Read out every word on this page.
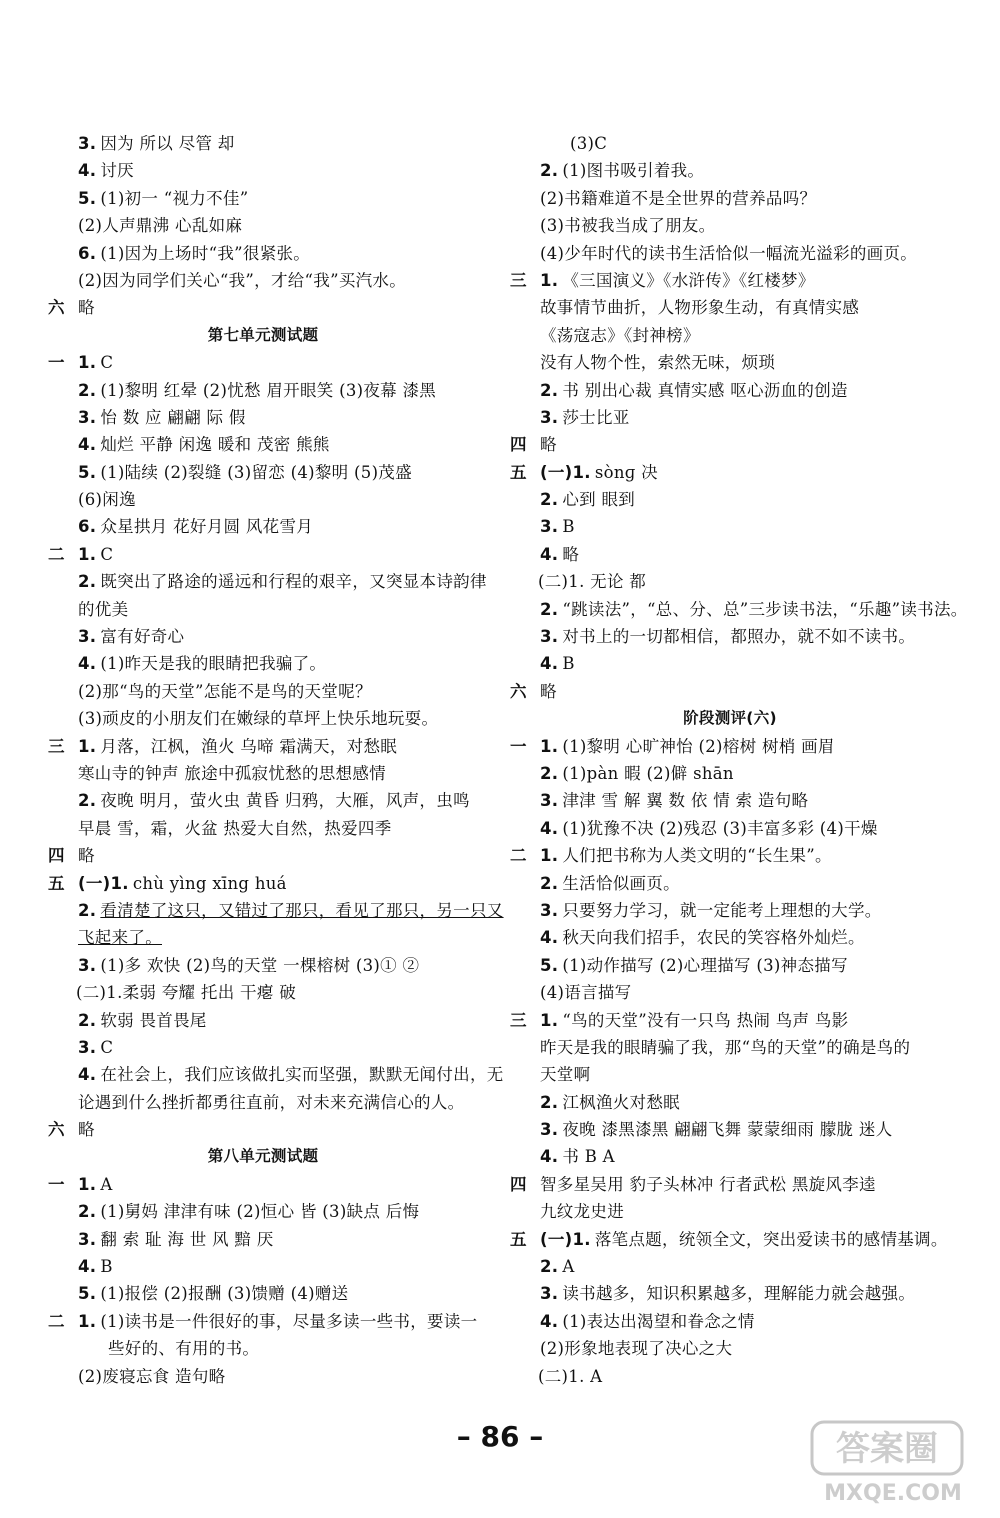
3. 因为 所以 尽管 却
4. 讨厌
5. (1)初一 “视力不佳”
(2)人声鼎沸 心乱如麻
6. (1)因为上场时“我”很紧张。
(2)因为同学们关心“我”，才给“我”买汽水。
六 略
第七单元测试题
一 1. C
2. (1)黎明 红晕 (2)忧愁 眉开眼笑 (3)夜幕 漆黑
3. 怡 数 应 翩翩 际 假
4. 灿烂 平静 闲逸 暖和 茂密 熊熊
5. (1)陆续 (2)裂缝 (3)留恋 (4)黎明 (5)茂盛
(6)闲逸
6. 众星拱月 花好月圆 风花雪月
二 1. C
2. 既突出了路途的遥远和行程的艰辛，又突显本诗韵律
的优美
3. 富有好奇心
4. (1)昨天是我的眼睛把我骗了。
(2)那“鸟的天堂”怎能不是鸟的天堂呢？
(3)顽皮的小朋友们在嫩绿的草坪上快乐地玩耍。
三 1. 月落，江枫，渔火 乌啼 霜满天，对愁眠
寒山寺的钟声 旅途中孤寂忧愁的思想感情
2. 夜晚 明月，萤火虫 黄昏 归鸦，大雁，风声，虫鸣
早晨 雪，霜，火盆 热爱大自然，热爱四季
四 略
五 (一)1. chù yìng xīng huá
2. 看清楚了这只，又错过了那只，看见了那只，另一只又
飞起来了。
3. (1)多 欢快 (2)鸟的天堂 一棵榕树 (3)① ②
(二)1.柔弱 夸耀 托出 干瘪 破
2. 软弱 畏首畏尾
3. C
4. 在社会上，我们应该做扎实而坚强，默默无闻付出，无
论遇到什么挫折都勇往直前，对未来充满信心的人。
六 略
第八单元测试题
一 1. A
2. (1)舅妈 津津有味 (2)恒心 皆 (3)缺点 后悔
3. 翻 索 耻 海 世 风 黯 厌
4. B
5. (1)报偿 (2)报酬 (3)馈赠 (4)赠送
二 1. (1)读书是一件很好的事，尽量多读一些书，要读一
些好的、有用的书。
(2)废寝忘食 造句略
(3)C
2. (1)图书吸引着我。
(2)书籍难道不是全世界的营养品吗？
(3)书被我当成了朋友。
(4)少年时代的读书生活恰似一幅流光溢彩的画页。
三 1. 《三国演义》《水浒传》《红楼梦》
故事情节曲折，人物形象生动，有真情实感
《荡寇志》《封神榜》
没有人物个性，索然无味，烦琐
2. 书 别出心裁 真情实感 呕心沥血的创造
3. 莎士比亚
四 略
五 (一)1. sònɡ 决
2. 心到 眼到
3. B
4. 略
(二)1. 无论 都
2. “跳读法”，“总、分、总”三步读书法，“乐趣”读书法。
3. 对书上的一切都相信，都照办，就不如不读书。
4. B
六 略
阶段测评(六)
一 1. (1)黎明 心旷神怡 (2)榕树 树梢 画眉
2. (1)pàn 暇 (2)僻 shān
3. 津津 雪 解 翼 数 依 情 索 造句略
4. (1)犹豫不决 (2)残忍 (3)丰富多彩 (4)干燥
二 1. 人们把书称为人类文明的“长生果”。
2. 生活恰似画页。
3. 只要努力学习，就一定能考上理想的大学。
4. 秋天向我们招手，农民的笑容格外灿烂。
5. (1)动作描写 (2)心理描写 (3)神态描写
(4)语言描写
三 1. “鸟的天堂”没有一只鸟 热闹 鸟声 鸟影
昨天是我的眼睛骗了我，那“鸟的天堂”的确是鸟的
天堂啊
2. 江枫渔火对愁眠
3. 夜晚 漆黑漆黑 翩翩飞舞 蒙蒙细雨 朦胧 迷人
4. 书 B A
四 智多星吴用 豹子头林冲 行者武松 黑旋风李逵
九纹龙史进
五 (一)1. 落笔点题，统领全文，突出爱读书的感情基调。
2. A
3. 读书越多，知识积累越多，理解能力就会越强。
4. (1)表达出渴望和眷念之情
(2)形象地表现了决心之大
(二)1. A
– 86 –	答案圈
MXQE.COM
